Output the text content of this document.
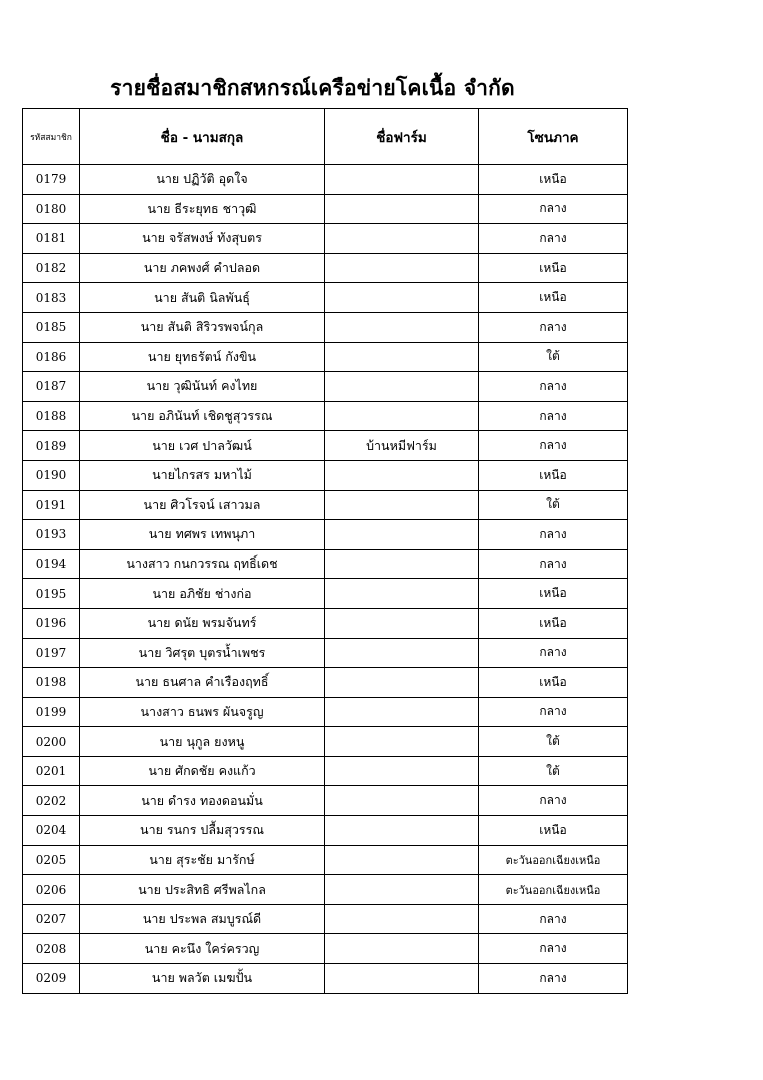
รายชื่อสมาชิกสหกรณ์เครือข่ายโคเนื้อ จำกัด
รหัสสมาชิก	ชื่อ - นามสกุล	ชื่อฟาร์ม	โซนภาค
0179	นาย ปฏิวัติ อุดใจ		เหนือ
0180	นาย ธีระยุทธ ชาวุฒิ		กลาง
0181	นาย จรัสพงษ์ ทังสุบตร		กลาง
0182	นาย ภคพงศ์ คำปลอด		เหนือ
0183	นาย สันติ นิลพันธุ์		เหนือ
0185	นาย สันติ สิริวรพจน์กุล		กลาง
0186	นาย ยุทธรัตน์ กังขิน		ใต้
0187	นาย วุฒินันท์ คงไทย		กลาง
0188	นาย อภินันท์ เชิดชูสุวรรณ		กลาง
0189	นาย เวศ ปาลวัฒน์	บ้านหมีฟาร์ม	กลาง
0190	นายไกรสร มหาไม้		เหนือ
0191	นาย ศิวโรจน์ เสาวมล		ใต้
0193	นาย ทศพร เทพนุภา		กลาง
0194	นางสาว กนกวรรณ ฤทธิ์เดช		กลาง
0195	นาย อภิชัย ช่างก่อ		เหนือ
0196	นาย ดนัย พรมจันทร์		เหนือ
0197	นาย วิศรุต บุตรน้ำเพชร		กลาง
0198	นาย ธนศาล คำเรืองฤทธิ์		เหนือ
0199	นางสาว ธนพร ผันจรูญ		กลาง
0200	นาย นุกูล ยงหนู		ใต้
0201	นาย ศักดชัย คงแก้ว		ใต้
0202	นาย ดำรง ทองดอนมั่น		กลาง
0204	นาย รนกร ปลื้มสุวรรณ		เหนือ
0205	นาย สุระชัย มารักษ์		ตะวันออกเฉียงเหนือ
0206	นาย ประสิทธิ ศรีพลไกล		ตะวันออกเฉียงเหนือ
0207	นาย ประพล สมบูรณ์ดี		กลาง
0208	นาย คะนึง ใคร่ครวญ		กลาง
0209	นาย พลวัต เมฆปั้น		กลาง
